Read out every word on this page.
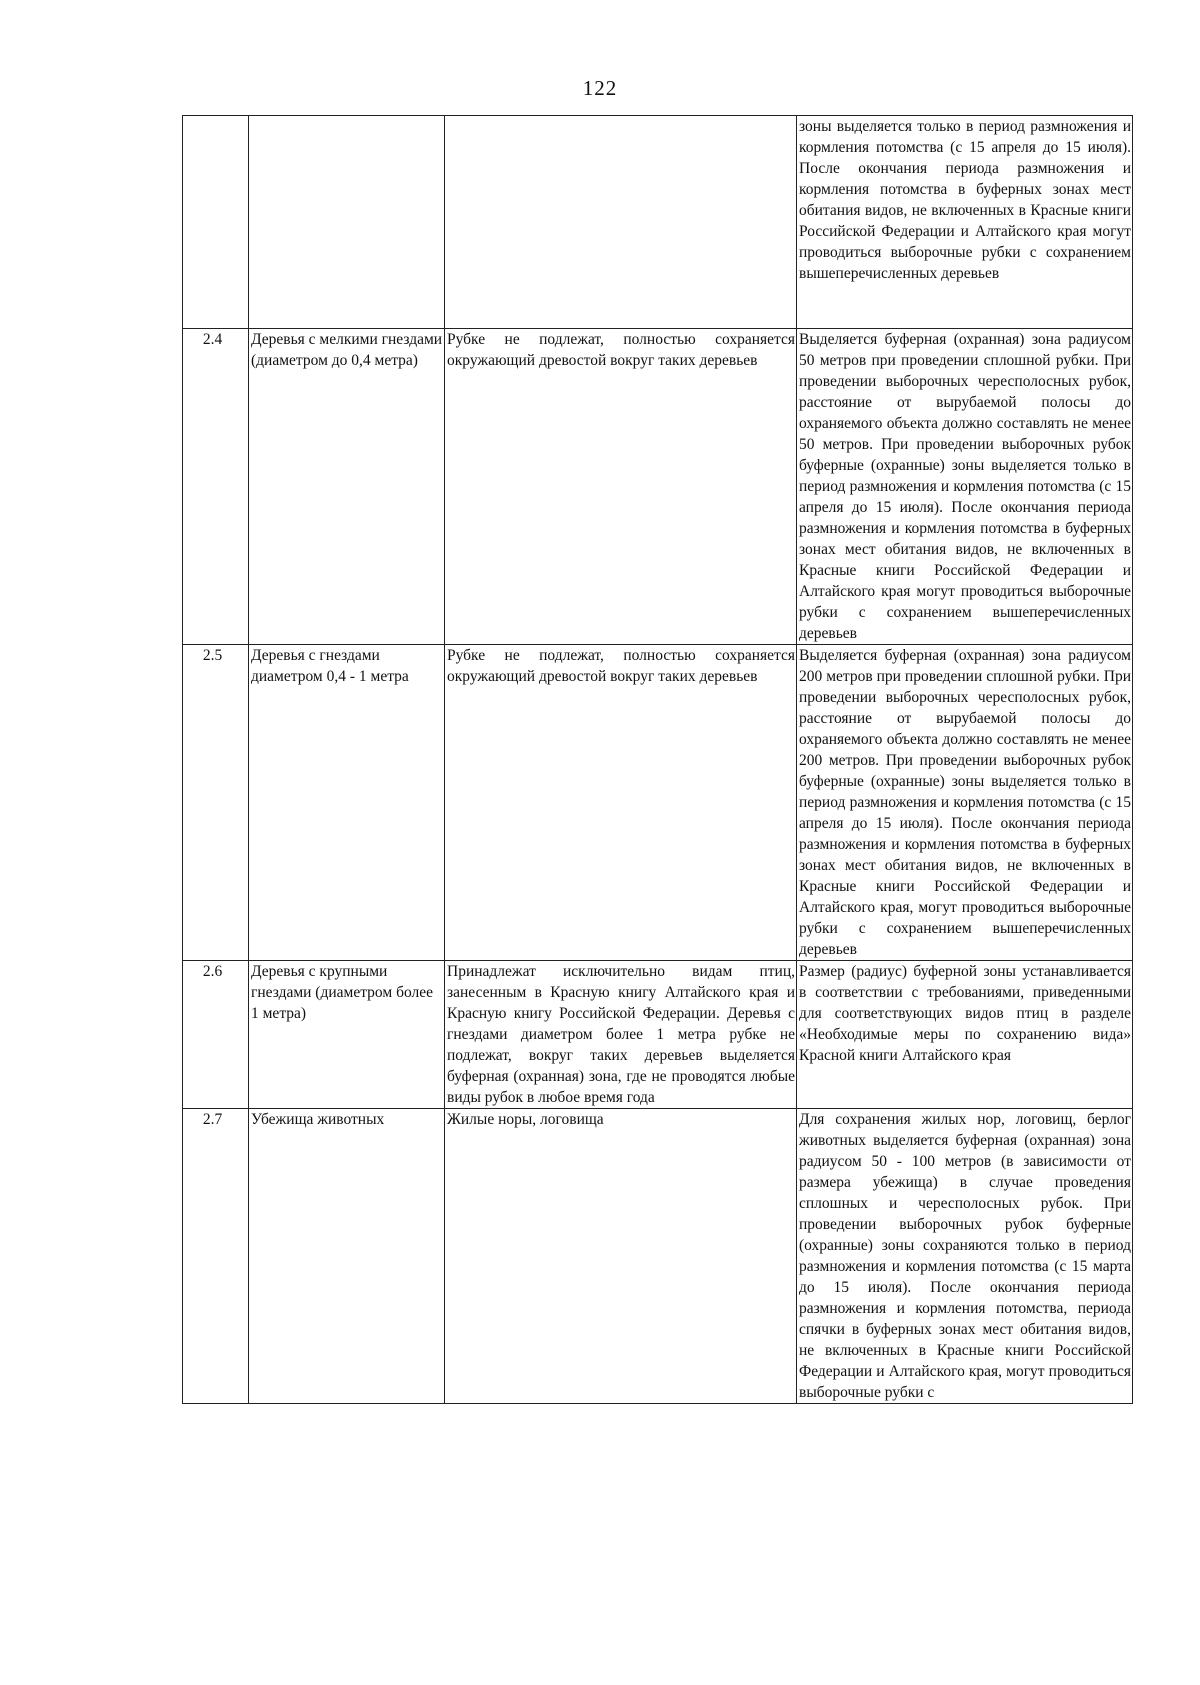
122
			зоны выделяется только в период размножения и кормления потомства (с 15 апреля до 15 июля). После окончания периода размножения и кормления потомства в буферных зонах мест обитания видов, не включенных в Красные книги Российской Федерации и Алтайского края могут проводиться выборочные рубки с сохранением вышеперечисленных деревьев
2.4	Деревья с мелкими гнездами (диаметром до 0,4 метра)	Рубке не подлежат, полностью сохраняется окружающий древостой вокруг таких деревьев	Выделяется буферная (охранная) зона радиусом 50 метров при проведении сплошной рубки. При проведении выборочных чересполосных рубок, расстояние от вырубаемой полосы до охраняемого объекта должно составлять не менее 50 метров. При проведении выборочных рубок буферные (охранные) зоны выделяется только в период размножения и кормления потомства (с 15 апреля до 15 июля). После окончания периода размножения и кормления потомства в буферных зонах мест обитания видов, не включенных в Красные книги Российской Федерации и Алтайского края могут проводиться выборочные рубки с сохранением вышеперечисленных деревьев
2.5	Деревья с гнездами диаметром 0,4 - 1 метра	Рубке не подлежат, полностью сохраняется окружающий древостой вокруг таких деревьев	Выделяется буферная (охранная) зона радиусом 200 метров при проведении сплошной рубки. При проведении выборочных чересполосных рубок, расстояние от вырубаемой полосы до охраняемого объекта должно составлять не менее 200 метров. При проведении выборочных рубок буферные (охранные) зоны выделяется только в период размножения и кормления потомства (с 15 апреля до 15 июля). После окончания периода размножения и кормления потомства в буферных зонах мест обитания видов, не включенных в Красные книги Российской Федерации и Алтайского края, могут проводиться выборочные рубки с сохранением вышеперечисленных деревьев
2.6	Деревья с крупными гнездами (диаметром более 1 метра)	Принадлежат исключительно видам птиц, занесенным в Красную книгу Алтайского края и Красную книгу Российской Федерации. Деревья с гнездами диаметром более 1 метра рубке не подлежат, вокруг таких деревьев выделяется буферная (охранная) зона, где не проводятся любые виды рубок в любое время года	Размер (радиус) буферной зоны устанавливается в соответствии с требованиями, приведенными для соответствующих видов птиц в разделе «Необходимые меры по сохранению вида» Красной книги Алтайского края
2.7	Убежища животных	Жилые норы, логовища	Для сохранения жилых нор, логовищ, берлог животных выделяется буферная (охранная) зона радиусом 50 - 100 метров (в зависимости от размера убежища) в случае проведения сплошных и чересполосных рубок. При проведении выборочных рубок буферные (охранные) зоны сохраняются только в период размножения и кормления потомства (с 15 марта до 15 июля). После окончания периода размножения и кормления потомства, периода спячки в буферных зонах мест обитания видов, не включенных в Красные книги Российской Федерации и Алтайского края, могут проводиться выборочные рубки с
